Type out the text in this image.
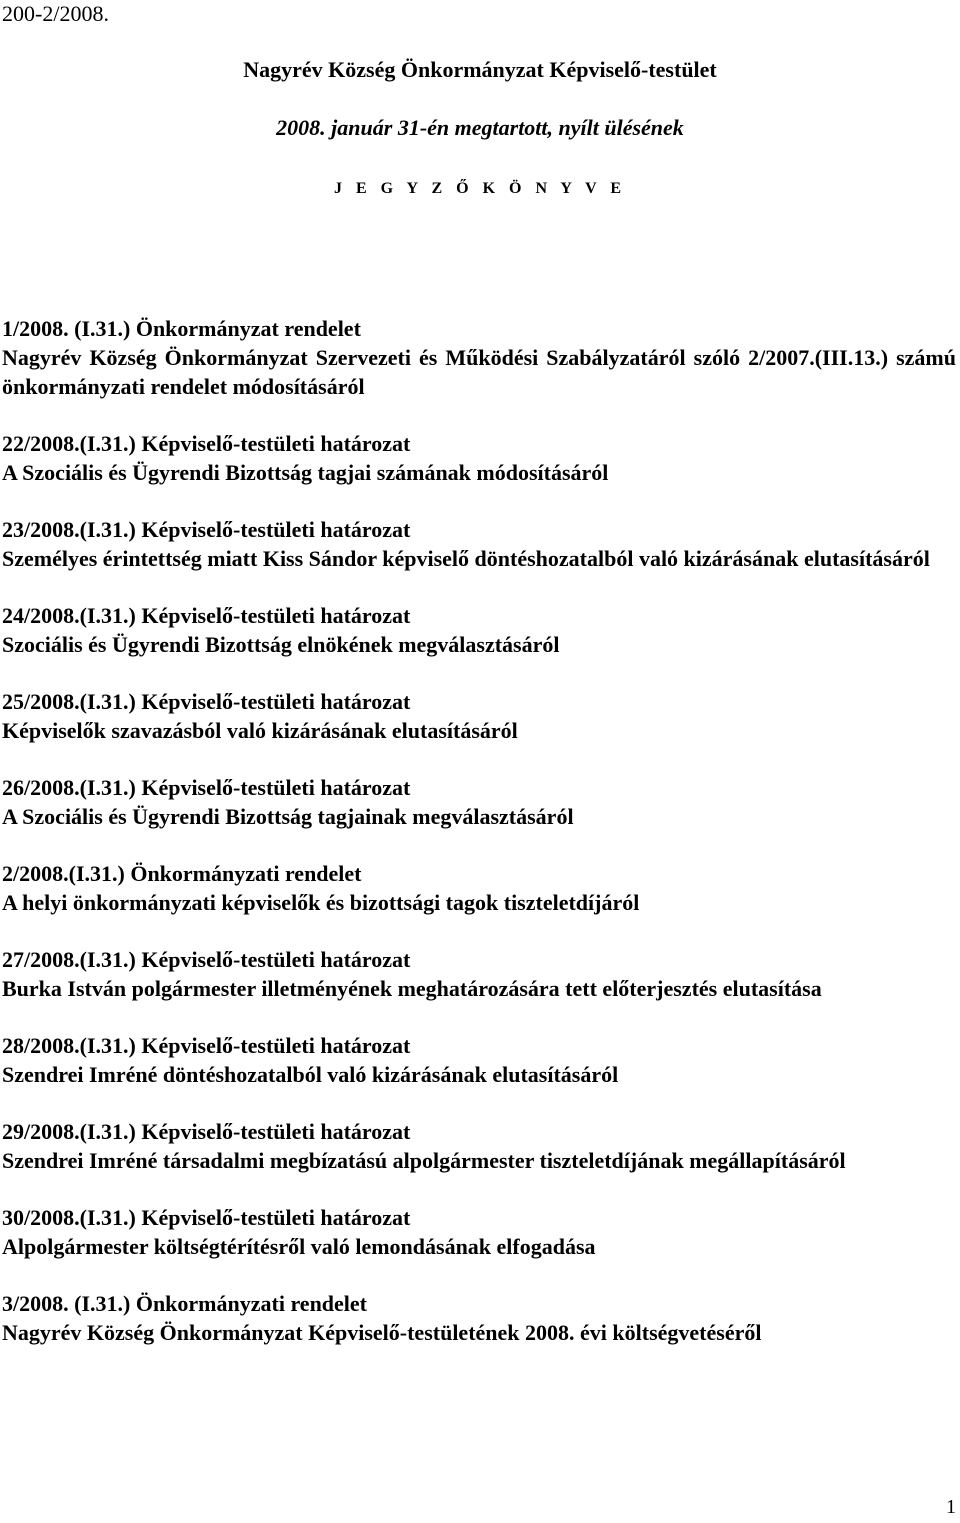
200-2/2008.
Nagyrév Község Önkormányzat Képviselő-testület
2008. január 31-én megtartott, nyílt ülésének
J E G Y Z Ő K Ö N Y V E
1/2008. (I.31.) Önkormányzat rendelet
Nagyrév Község Önkormányzat Szervezeti és Működési Szabályzatáról szóló 2/2007.(III.13.) számú önkormányzati rendelet módosításáról
22/2008.(I.31.) Képviselő-testületi határozat
A Szociális és Ügyrendi Bizottság tagjai számának módosításáról
23/2008.(I.31.) Képviselő-testületi határozat
Személyes érintettség miatt Kiss Sándor képviselő döntéshozatalból való kizárásának elutasításáról
24/2008.(I.31.) Képviselő-testületi határozat
Szociális és Ügyrendi Bizottság elnökének megválasztásáról
25/2008.(I.31.) Képviselő-testületi határozat
Képviselők szavazásból való kizárásának elutasításáról
26/2008.(I.31.) Képviselő-testületi határozat
A Szociális és Ügyrendi Bizottság tagjainak megválasztásáról
2/2008.(I.31.) Önkormányzati rendelet
A helyi önkormányzati képviselők és bizottsági tagok tiszteletdíjáról
27/2008.(I.31.) Képviselő-testületi határozat
Burka István polgármester illetményének meghatározására tett előterjesztés elutasítása
28/2008.(I.31.) Képviselő-testületi határozat
Szendrei Imréné döntéshozatalból való kizárásának elutasításáról
29/2008.(I.31.) Képviselő-testületi határozat
Szendrei Imréné társadalmi megbízatású alpolgármester tiszteletdíjának megállapításáról
30/2008.(I.31.) Képviselő-testületi határozat
Alpolgármester költségtérítésről való lemondásának elfogadása
3/2008. (I.31.) Önkormányzati rendelet
Nagyrév Község Önkormányzat Képviselő-testületének 2008. évi költségvetéséről
1
